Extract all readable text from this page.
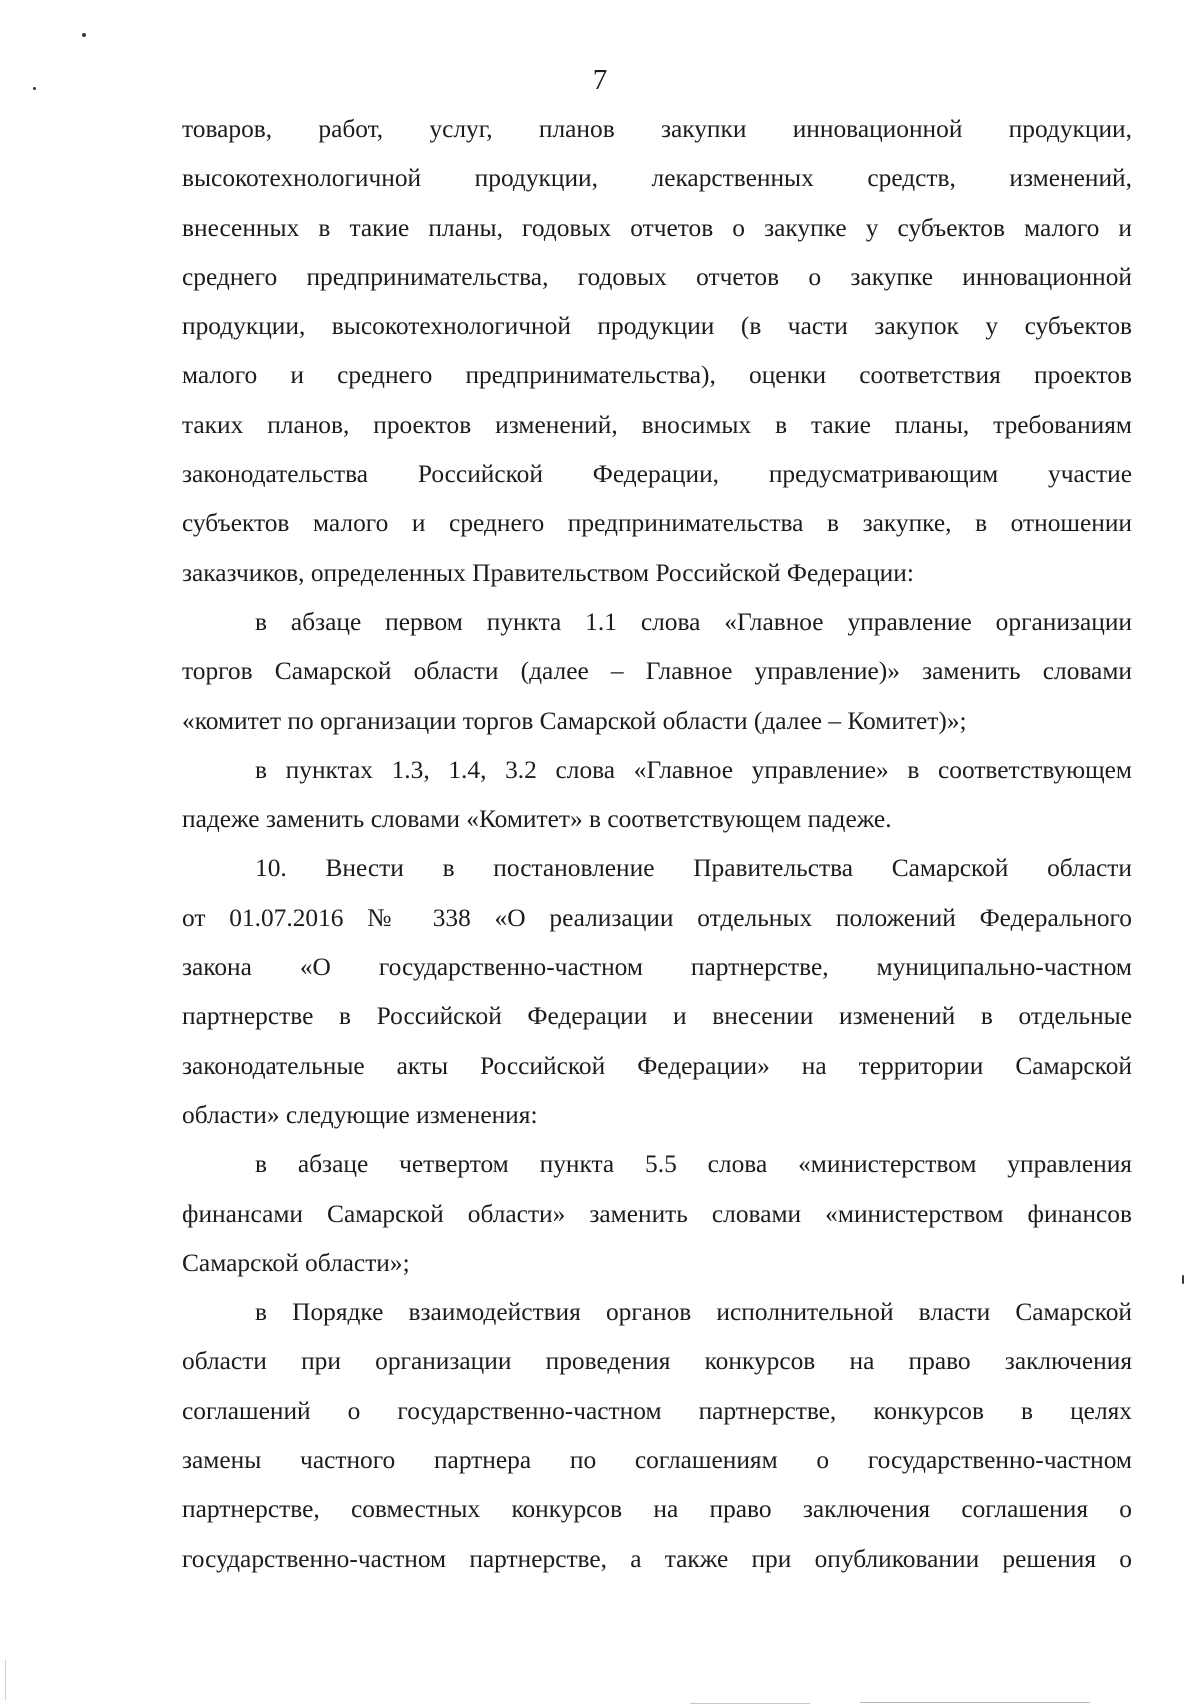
7
товаров, работ, услуг, планов закупки инновационной продукции,
высокотехнологичной продукции, лекарственных средств, изменений,
внесенных в такие планы, годовых отчетов о закупке у субъектов малого и
среднего предпринимательства, годовых отчетов о закупке инновационной
продукции, высокотехнологичной продукции (в части закупок у субъектов
малого и среднего предпринимательства), оценки соответствия проектов
таких планов, проектов изменений, вносимых в такие планы, требованиям
законодательства Российской Федерации, предусматривающим участие
субъектов малого и среднего предпринимательства в закупке, в отношении
заказчиков, определенных Правительством Российской Федерации:
в абзаце первом пункта 1.1 слова «Главное управление организации
торгов Самарской области (далее – Главное управление)» заменить словами
«комитет по организации торгов Самарской области (далее – Комитет)»;
в пунктах 1.3, 1.4, 3.2 слова «Главное управление» в соответствующем
падеже заменить словами «Комитет» в соответствующем падеже.
10. Внести в постановление Правительства Самарской области
от 01.07.2016 № 338 «О реализации отдельных положений Федерального
закона «О государственно-частном партнерстве, муниципально-частном
партнерстве в Российской Федерации и внесении изменений в отдельные
законодательные акты Российской Федерации» на территории Самарской
области» следующие изменения:
в абзаце четвертом пункта 5.5 слова «министерством управления
финансами Самарской области» заменить словами «министерством финансов
Самарской области»;
в Порядке взаимодействия органов исполнительной власти Самарской
области при организации проведения конкурсов на право заключения
соглашений о государственно-частном партнерстве, конкурсов в целях
замены частного партнера по соглашениям о государственно-частном
партнерстве, совместных конкурсов на право заключения соглашения о
государственно-частном партнерстве, а также при опубликовании решения о
